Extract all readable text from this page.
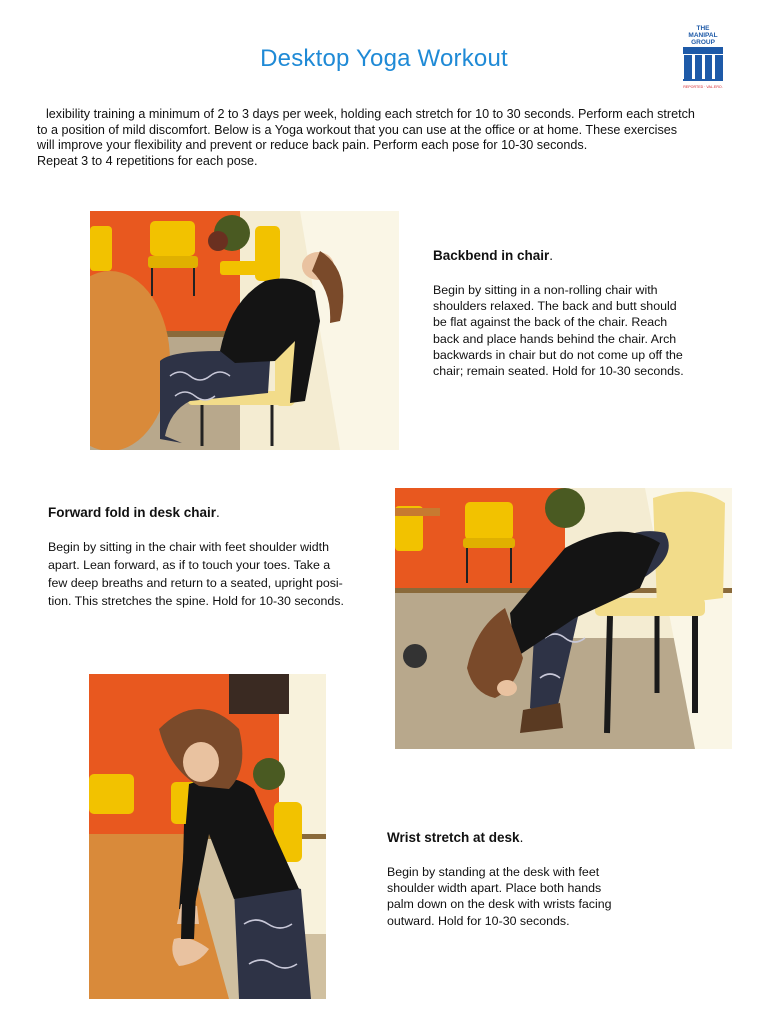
Desktop Yoga Workout
THE
MANIPAL
GROUP
REPORTED · VAL.ERO.

lexibility training a minimum of 2 to 3 days per week, holding each stretch for 10 to 30 seconds. Perform each stretch
to a position of mild discomfort. Below is a Yoga workout that you can use at the office or at home. These exercises
will improve your flexibility and prevent or reduce back pain. Perform each pose for 10-30 seconds.
Repeat 3 to 4 repetitions for each pose.

Backbend in chair.

Begin by sitting in a non-rolling chair with
shoulders relaxed. The back and butt should
be flat against the back of the chair. Reach
back and place hands behind the chair. Arch
backwards in chair but do not come up off the
chair; remain seated. Hold for 10-30 seconds.

Forward fold in desk chair.

Begin by sitting in the chair with feet shoulder width
apart. Lean forward, as if to touch your toes. Take a
few deep breaths and return to a seated, upright posi-
tion. This stretches the spine. Hold for 10-30 seconds.

Wrist stretch at desk.

Begin by standing at the desk with feet
shoulder width apart. Place both hands
palm down on the desk with wrists facing
outward. Hold for 10-30 seconds.
